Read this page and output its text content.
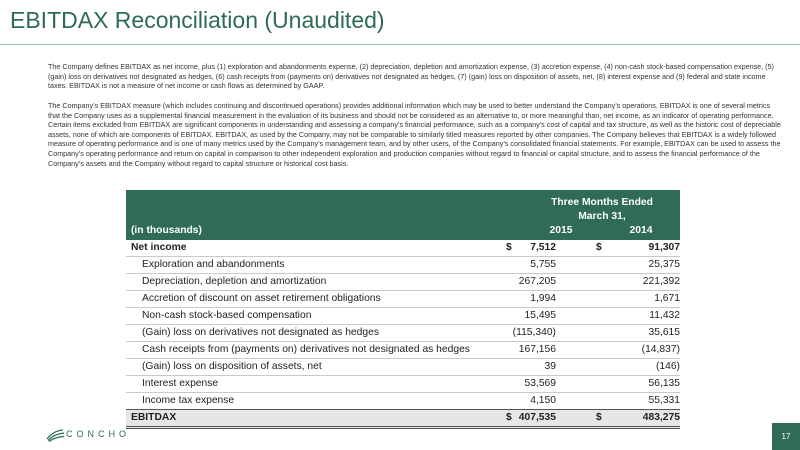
EBITDAX Reconciliation (Unaudited)
The Company defines EBITDAX as net income, plus (1) exploration and abandonments expense, (2) depreciation, depletion and amortization expense, (3) accretion expense, (4) non-cash stock-based compensation expense, (5) (gain) loss on derivatives not designated as hedges, (6) cash receipts from (payments on) derivatives not designated as hedges, (7) (gain) loss on disposition of assets, net, (8) interest expense and (9) federal and state income taxes. EBITDAX is not a measure of net income or cash flows as determined by GAAP.
The Company’s EBITDAX measure (which includes continuing and discontinued operations) provides additional information which may be used to better understand the Company’s operations. EBITDAX is one of several metrics that the Company uses as a supplemental financial measurement in the evaluation of its business and should not be considered as an alternative to, or more meaningful than, net income, as an indicator of operating performance. Certain items excluded from EBITDAX are significant components in understanding and assessing a company’s financial performance, such as a company’s cost of capital and tax structure, as well as the historic cost of depreciable assets, none of which are components of EBITDAX. EBITDAX, as used by the Company, may not be comparable to similarly titled measures reported by other companies. The Company believes that EBITDAX is a widely followed measure of operating performance and is one of many metrics used by the Company’s management team, and by other users, of the Company’s consolidated financial statements. For example, EBITDAX can be used to assess the Company’s operating performance and return on capital in comparison to other independent exploration and production companies without regard to financial or capital structure, and to assess the financial performance of the Company’s assets and the Company without regard to capital structure or historical cost basis.
Three Months Ended
March 31,
(in thousands)	2015	2014
Net income	$ 7,512	$	91,307
Exploration and abandonments	5,755	25,375
Depreciation, depletion and amortization	267,205	221,392
Accretion of discount on asset retirement obligations	1,994	1,671
Non-cash stock-based compensation	15,495	11,432
(Gain) loss on derivatives not designated as hedges	(115,340)	35,615
Cash receipts from (payments on) derivatives not designated as hedges	167,156	(14,837)
(Gain) loss on disposition of assets, net	39	(146)
Interest expense	53,569	56,135
Income tax expense	4,150	55,331
EBITDAX	$ 407,535	$	483,275
CONCHO	17
